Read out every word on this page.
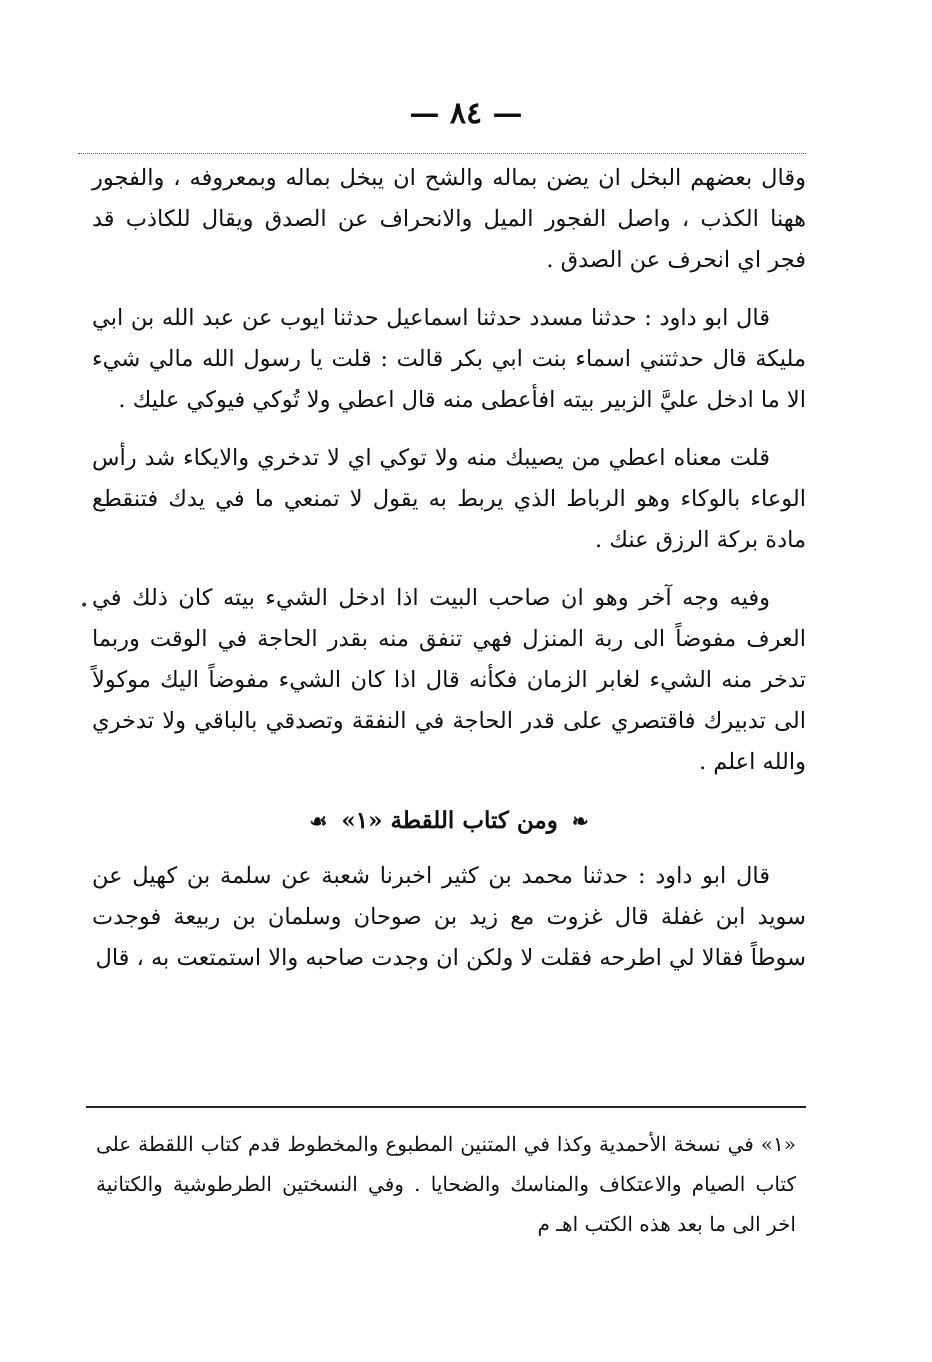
— ٨٤ —

وقال بعضهم البخل ان يضن بماله والشح ان يبخل بماله وبمعروفه ، والفجور ههنا الكذب ، واصل الفجور الميل والانحراف عن الصدق ويقال للكاذب قد فجر اي انحرف عن الصدق .

قال ابو داود : حدثنا مسدد حدثنا اسماعيل حدثنا ايوب عن عبد الله بن ابي مليكة قال حدثتني اسماء بنت ابي بكر قالت : قلت يا رسول الله مالي شيء الا ما ادخل عليَّ الزبير بيته افأعطى منه قال اعطي ولا تُوكي فيوكي عليك .

قلت معناه اعطي من يصيبك منه ولا توكي اي لا تدخري والايكاء شد رأس الوعاء بالوكاء وهو الرباط الذي يربط به يقول لا تمنعي ما في يدك فتنقطع مادة بركة الرزق عنك .

وفيه وجه آخر وهو ان صاحب البيت اذا ادخل الشيء بيته كان ذلك في العرف مفوضاً الى ربة المنزل فهي تنفق منه بقدر الحاجة في الوقت وربما تدخر منه الشيء لغابر الزمان فكأنه قال اذا كان الشيء مفوضاً اليك موكولاً الى تدبيرك فاقتصري على قدر الحاجة في النفقة وتصدقي بالباقي ولا تدخري والله اعلم .

❧ ومن كتاب اللقطة «١» ☙

قال ابو داود : حدثنا محمد بن كثير اخبرنا شعبة عن سلمة بن كهيل عن سويد ابن غفلة قال غزوت مع زيد بن صوحان وسلمان بن ربيعة فوجدت سوطاً فقالا لي اطرحه فقلت لا ولكن ان وجدت صاحبه والا استمتعت به ، قال

«١» في نسخة الأحمدية وكذا في المتنين المطبوع والمخطوط قدم كتاب اللقطة على كتاب الصيام والاعتكاف والمناسك والضحايا . وفي النسختين الطرطوشية والكتانية اخر الى ما بعد هذه الكتب اهـ م
•
